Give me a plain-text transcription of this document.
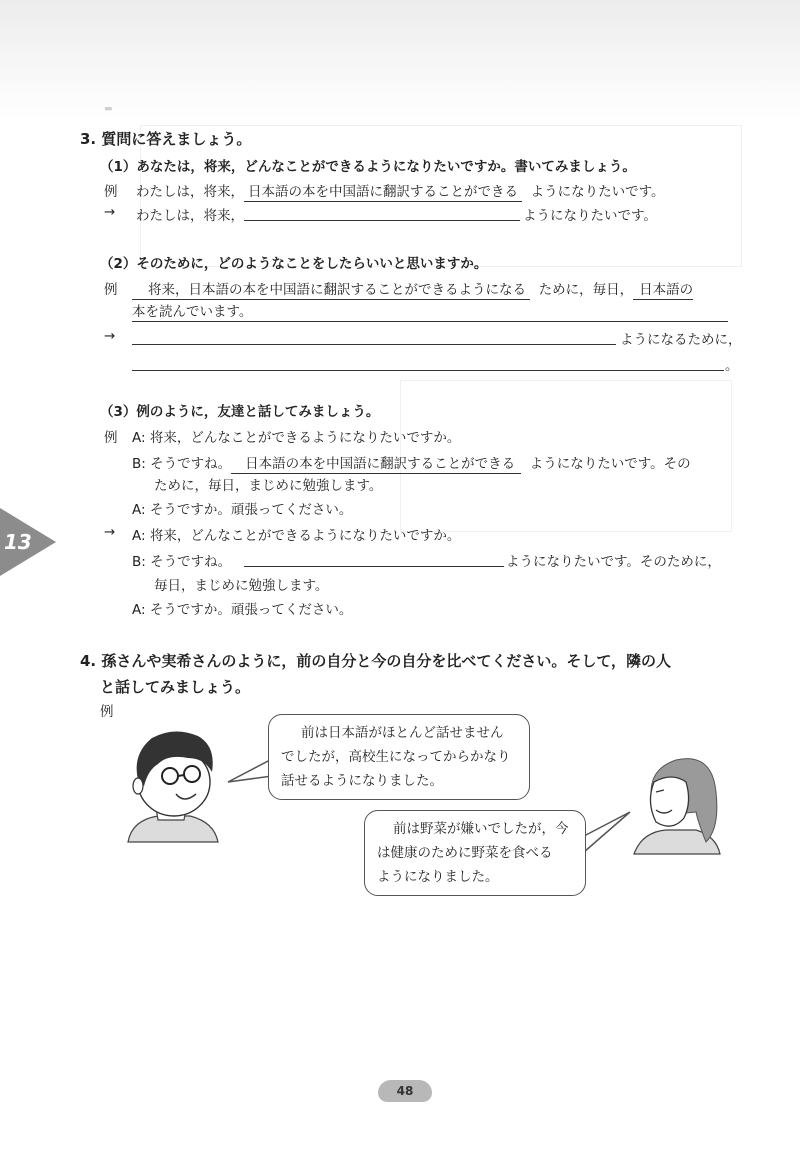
▬
3. 質問に答えましょう。
（1）あなたは，将来，どんなことができるようになりたいですか。書いてみましょう。
例 わたしは，将来， 日本語の本を中国語に翻訳することができる ようになりたいです。
→ わたしは，将来，	ようになりたいです。
（2）そのために，どのようなことをしたらいいと思いますか。
例	将来，日本語の本を中国語に翻訳することができるようになる ために，毎日， 日本語の
本を読んでいます。
→	ようになるために，
。
（3）例のように，友達と話してみましょう。
例 A: 将来，どんなことができるようになりたいですか。
B: そうですね。 日本語の本を中国語に翻訳することができる ようになりたいです。その
ために，毎日，まじめに勉強します。
A: そうですか。頑張ってください。
→ A: 将来，どんなことができるようになりたいですか。
B: そうですね。	ようになりたいです。そのために，
毎日，まじめに勉強します。
A: そうですか。頑張ってください。
13
4. 孫さんや実希さんのように，前の自分と今の自分を比べてください。そして，隣の人
と話してみましょう。
例
前は日本語がほとんど話せません
でしたが，高校生になってからかなり
話せるようになりました。
前は野菜が嫌いでしたが，今
は健康のために野菜を食べる
ようになりました。
48
